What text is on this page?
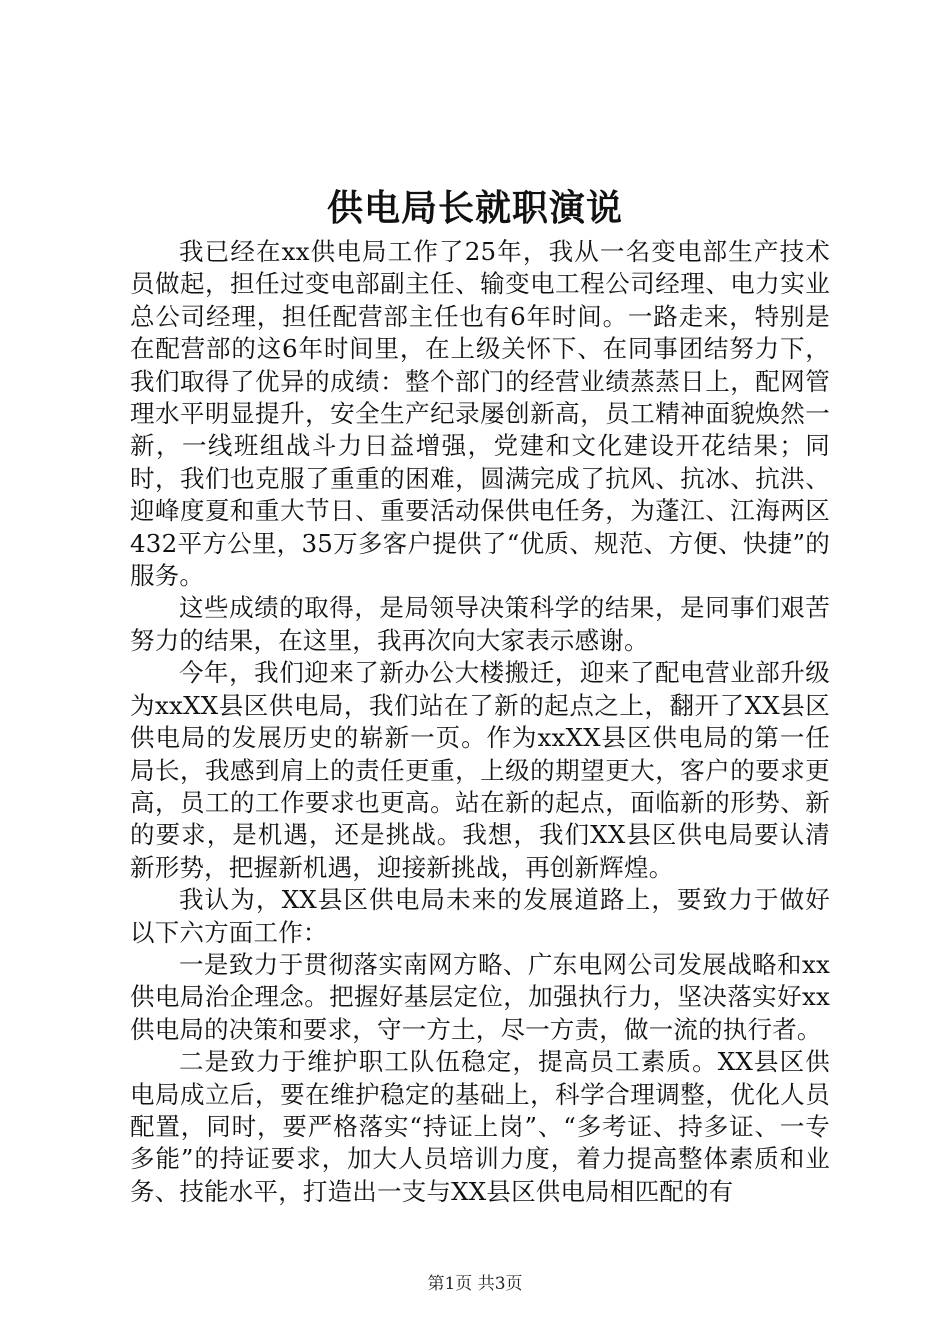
供电局长就职演说

我已经在xx供电局工作了25年，我从一名变电部生产技术员做起，担任过变电部副主任、输变电工程公司经理、电力实业总公司经理，担任配营部主任也有6年时间。一路走来，特别是在配营部的这6年时间里，在上级关怀下、在同事团结努力下，我们取得了优异的成绩：整个部门的经营业绩蒸蒸日上，配网管理水平明显提升，安全生产纪录屡创新高，员工精神面貌焕然一新，一线班组战斗力日益增强，党建和文化建设开花结果；同时，我们也克服了重重的困难，圆满完成了抗风、抗冰、抗洪、迎峰度夏和重大节日、重要活动保供电任务，为蓬江、江海两区432平方公里，35万多客户提供了“优质、规范、方便、快捷”的服务。

这些成绩的取得，是局领导决策科学的结果，是同事们艰苦努力的结果，在这里，我再次向大家表示感谢。

今年，我们迎来了新办公大楼搬迁，迎来了配电营业部升级为xxXX县区供电局，我们站在了新的起点之上，翻开了XX县区供电局的发展历史的崭新一页。作为xxXX县区供电局的第一任局长，我感到肩上的责任更重，上级的期望更大，客户的要求更高，员工的工作要求也更高。站在新的起点，面临新的形势、新的要求，是机遇，还是挑战。我想，我们XX县区供电局要认清新形势，把握新机遇，迎接新挑战，再创新辉煌。

我认为，XX县区供电局未来的发展道路上，要致力于做好以下六方面工作：

一是致力于贯彻落实南网方略、广东电网公司发展战略和xx供电局治企理念。把握好基层定位，加强执行力，坚决落实好xx供电局的决策和要求，守一方土，尽一方责，做一流的执行者。

二是致力于维护职工队伍稳定，提高员工素质。XX县区供电局成立后，要在维护稳定的基础上，科学合理调整，优化人员配置，同时，要严格落实“持证上岗”、“多考证、持多证、一专多能”的持证要求，加大人员培训力度，着力提高整体素质和业务、技能水平，打造出一支与XX县区供电局相匹配的有

第1页 共3页
